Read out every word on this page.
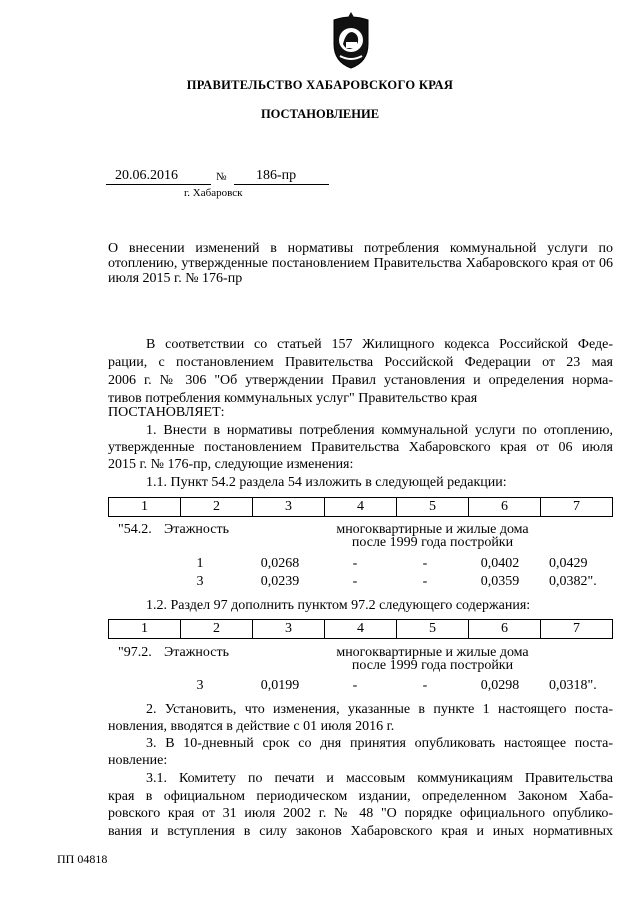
ПРАВИТЕЛЬСТВО ХАБАРОВСКОГО КРАЯ
ПОСТАНОВЛЕНИЕ
20.06.2016	№ 186-пр
г. Хабаровск
О внесении изменений в нормативы потребления коммунальной услуги по отоплению, утвержденные постановлением Правительства Хабаровского края от 06 июля 2015 г. № 176-пр
В соответствии со статьей 157 Жилищного кодекса Российской Феде-
рации, с постановлением Правительства Российской Федерации от 23 мая
2006 г. № 306 "Об утверждении Правил установления и определения норма-
тивов потребления коммунальных услуг" Правительство края
ПОСТАНОВЛЯЕТ:
1. Внести в нормативы потребления коммунальной услуги по отоплению,
утвержденные постановлением Правительства Хабаровского края от 06 июля
2015 г. № 176-пр, следующие изменения:
1.1. Пункт 54.2 раздела 54 изложить в следующей редакции:
1	2	3	4	5	6	7
"54.2. Этажность	многоквартирные и жилые дома
после 1999 года постройки
1	0,0268	-	-	0,0402	0,0429
3	0,0239	-	-	0,0359	0,0382".
1.2. Раздел 97 дополнить пунктом 97.2 следующего содержания:
1	2	3	4	5	6	7
"97.2. Этажность	многоквартирные и жилые дома
после 1999 года постройки
3	0,0199	-	-	0,0298	0,0318".
2. Установить, что изменения, указанные в пункте 1 настоящего поста-
новления, вводятся в действие с 01 июля 2016 г.
3. В 10-дневный срок со дня принятия опубликовать настоящее поста-
новление:
3.1. Комитету по печати и массовым коммуникациям Правительства
края в официальном периодическом издании, определенном Законом Хаба-
ровского края от 31 июля 2002 г. № 48 "О порядке официального опублико-
вания и вступления в силу законов Хабаровского края и иных нормативных
ПП 04818
